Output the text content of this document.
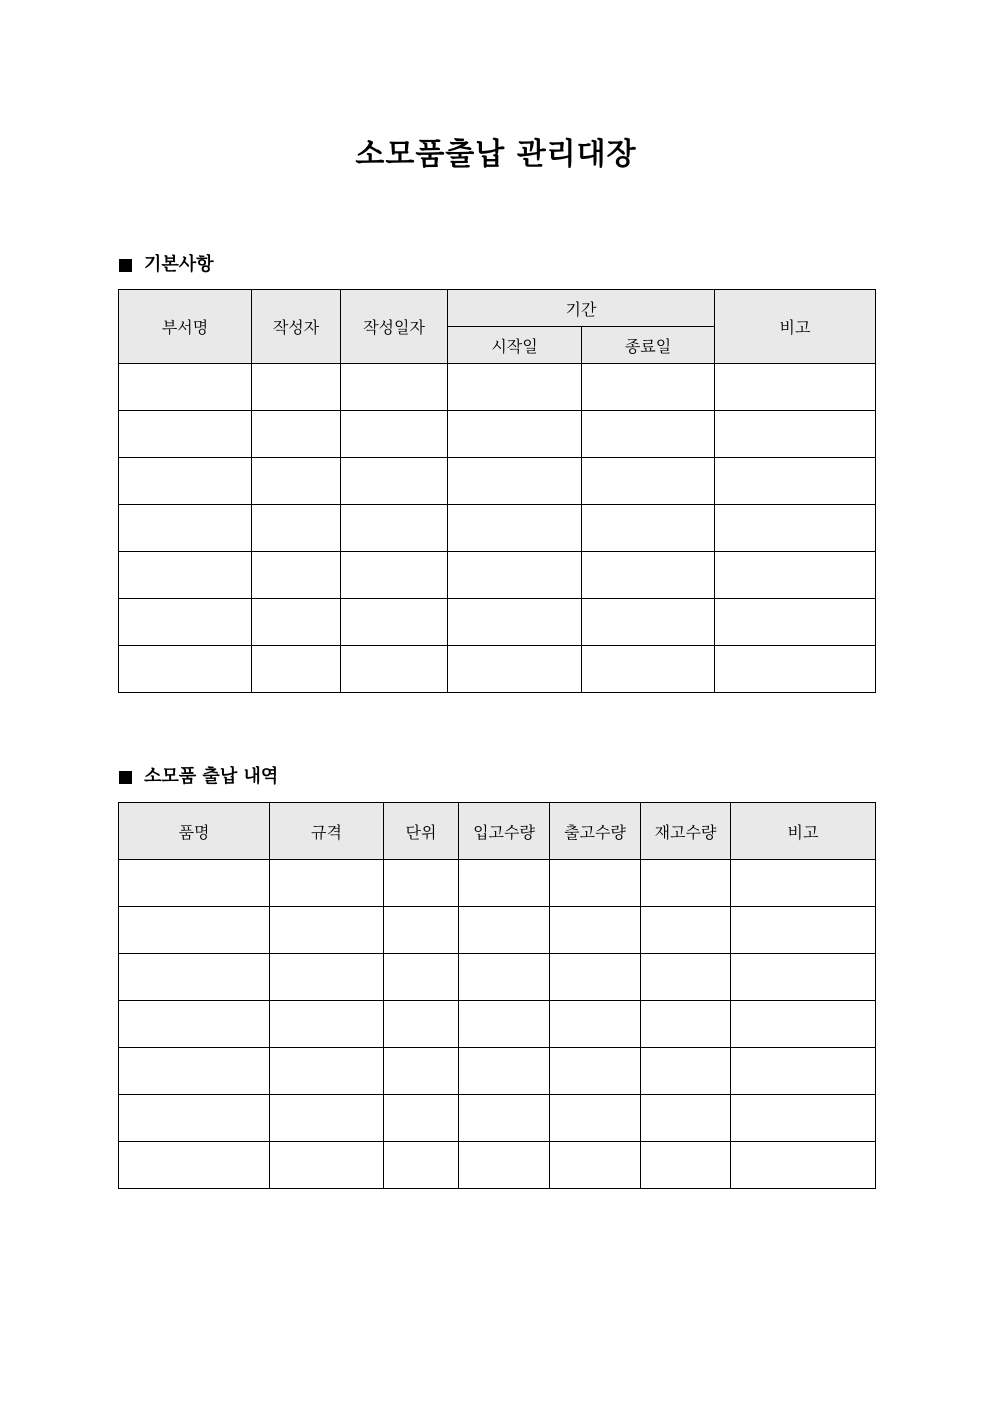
소모품출납 관리대장
기본사항
부서명	작성자	작성일자	기간		비고
			시작일	종료일	

소모품 출납 내역
품명	규격	단위	입고수량	출고수량	재고수량	비고
